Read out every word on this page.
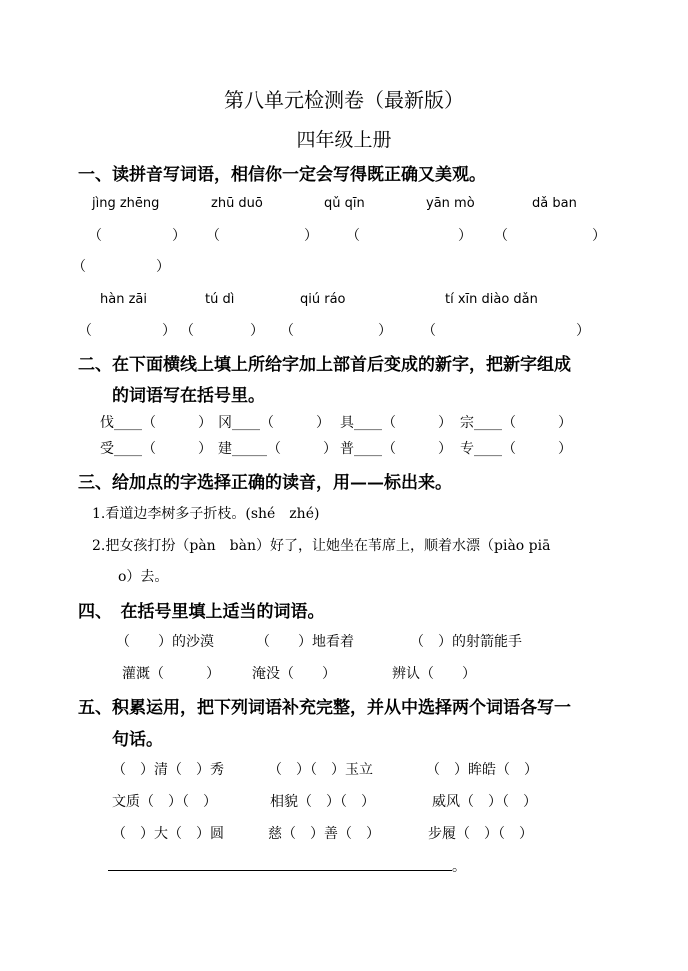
第八单元检测卷（最新版）
四年级上册
一、读拼音写词语，相信你一定会写得既正确又美观。
jìng zhēng	zhū duō	qǔ qīn	yān mò	dǎ ban
（　　　　　） （　　　　　　） （　　　　　　　） （　　　　　　）
（　　　　　）
hàn zāi	tú dì	qiú ráo	tí xīn diào dǎn
（　　　　　） （　　　　） （　　　　　　） （　　　　　　　　　　）
二、在下面横线上填上所给字加上部首后变成的新字，把新字组成
的词语写在括号里。
伐____（　　　） 冈____（　　　） 具____（　　　） 宗____（　　　）
受____（　　　） 建_____（　　　） 普____（　　　） 专____（　　　）
三、给加点的字选择正确的读音，用——标出来。
1.看道边李树多子折枝。(shé　zhé)
2.把女孩打扮（pàn　bàn）好了，让她坐在苇席上，顺着水漂（piào piā
o）去。
四、　在括号里填上适当的词语。
（　　）的沙漠	（　　）地看着	（　）的射箭能手
灌溉（　　　） 淹没（　　）	辨认（　　）
五、积累运用，把下列词语补充完整，并从中选择两个词语各写一
句话。
（　）清（　）秀	（　）（　）玉立	（　）眸皓（　）
文质（　）（　）	相貌（　）（　）	威风（　）（　）
（　）大（　）圆	慈（　）善（　）	步履（　）（　）
。
